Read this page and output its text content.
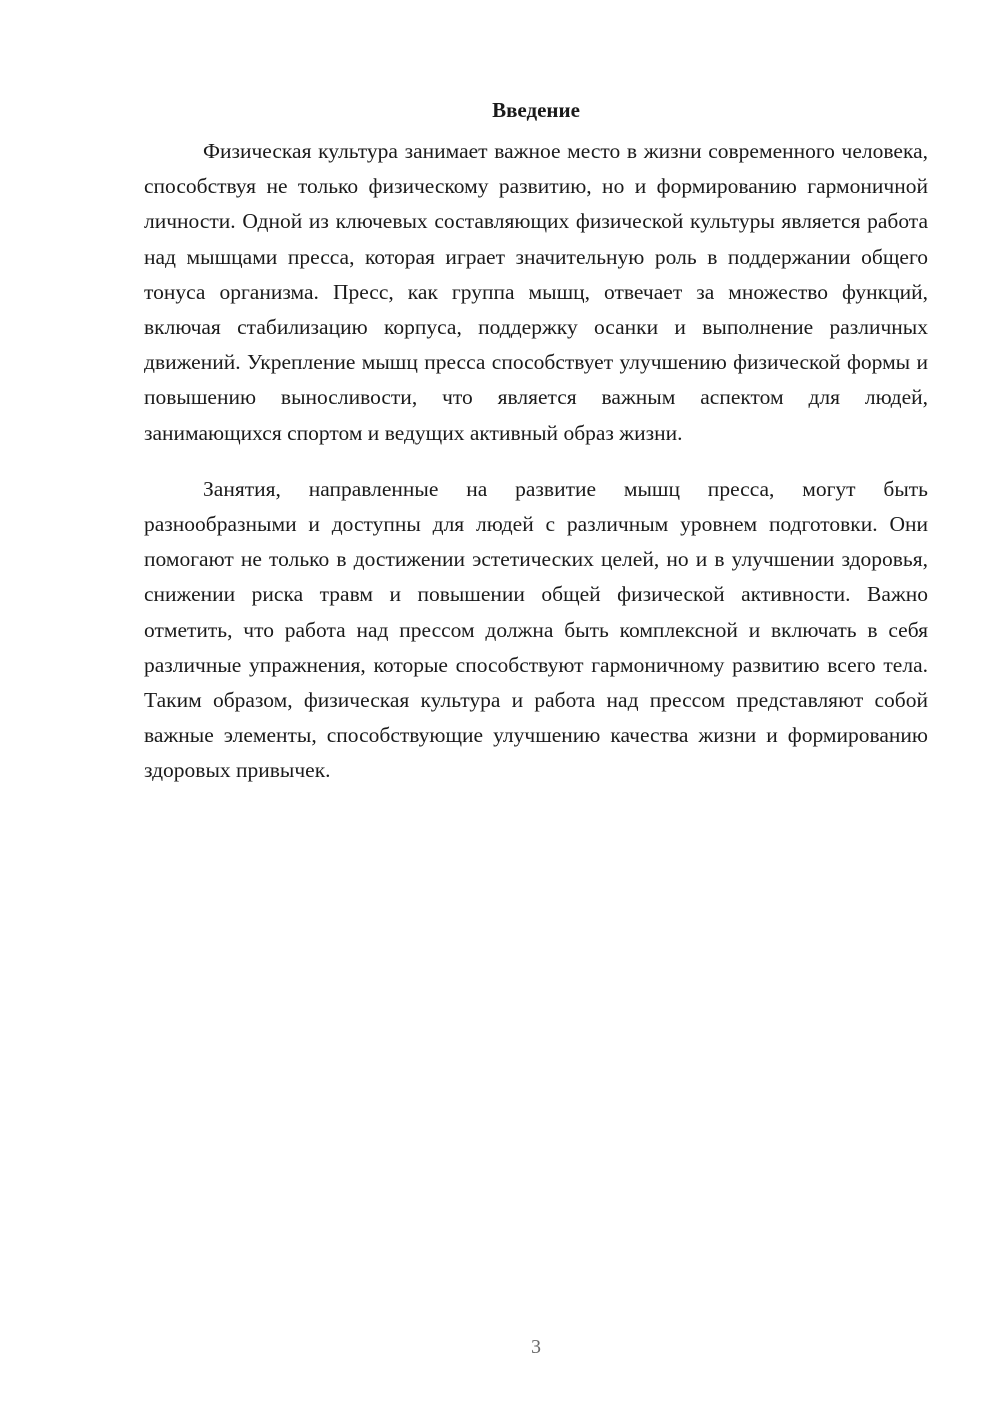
Введение

Физическая культура занимает важное место в жизни современного человека, способствуя не только физическому развитию, но и формированию гармоничной личности. Одной из ключевых составляющих физической культуры является работа над мышцами пресса, которая играет значительную роль в поддержании общего тонуса организма. Пресс, как группа мышц, отвечает за множество функций, включая стабилизацию корпуса, поддержку осанки и выполнение различных движений. Укрепление мышц пресса способствует улучшению физической формы и повышению выносливости, что является важным аспектом для людей, занимающихся спортом и ведущих активный образ жизни.

Занятия, направленные на развитие мышц пресса, могут быть разнообразными и доступны для людей с различным уровнем подготовки. Они помогают не только в достижении эстетических целей, но и в улучшении здоровья, снижении риска травм и повышении общей физической активности. Важно отметить, что работа над прессом должна быть комплексной и включать в себя различные упражнения, которые способствуют гармоничному развитию всего тела. Таким образом, физическая культура и работа над прессом представляют собой важные элементы, способствующие улучшению качества жизни и формированию здоровых привычек.

3
